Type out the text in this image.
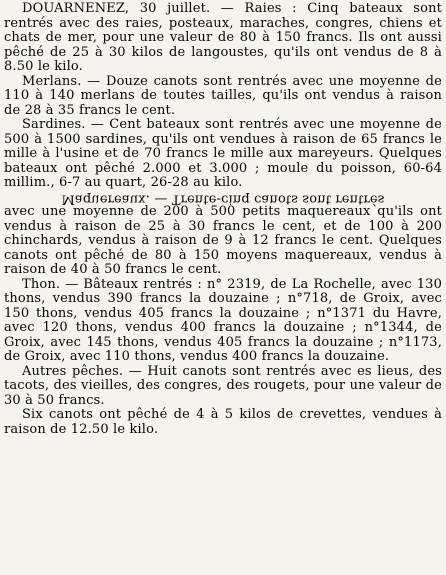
DOUARNENEZ, 30 juillet. — Raies : Cinq bateaux sont rentrés avec des raies, posteaux, maraches, congres, chiens et chats de mer, pour une valeur de 80 à 150 francs. Ils ont aussi pêché de 25 à 30 kilos de langoustes, qu'ils ont vendus de 8 à 8.50 le kilo.

Merlans. — Douze canots sont rentrés avec une moyenne de 110 à 140 merlans de toutes tailles, qu'ils ont vendus à raison de 28 à 35 francs le cent.

Sardines. — Cent bateaux sont rentrés avec une moyenne de 500 à 1500 sardines, qu'ils ont vendues à raison de 65 francs le mille à l'usine et de 70 francs le mille aux mareyeurs. Quelques bateaux ont pêché 2.000 et 3.000 ; moule du poisson, 60-64 millim., 6-7 au quart, 26-28 au kilo.

Maquereaux. — Trente-cinq canots sont rentrés

avec une moyenne de 200 à 500 petits maquereaux qu'ils ont vendus à raison de 25 à 30 francs le cent, et de 100 à 200 chinchards, vendus à raison de 9 à 12 francs le cent. Quelques canots ont pêché de 80 à 150 moyens maquereaux, vendus à raison de 40 à 50 francs le cent.

Thon. — Bâteaux rentrés : n° 2319, de La Rochelle, avec 130 thons, vendus 390 francs la douzaine ; n°718, de Groix, avec 150 thons, vendus 405 francs la douzaine ; n°1371 du Havre, avec 120 thons, vendus 400 francs la douzaine ; n°1344, de Groix, avec 145 thons, vendus 405 francs la douzaine ; n°1173, de Groix, avec 110 thons, vendus 400 francs la douzaine.

Autres pêches. — Huit canots sont rentrés avec es lieus, des tacots, des vieilles, des congres, des rougets, pour une valeur de 30 à 50 francs.

Six canots ont pêché de 4 à 5 kilos de crevettes, vendues à raison de 12.50 le kilo.
